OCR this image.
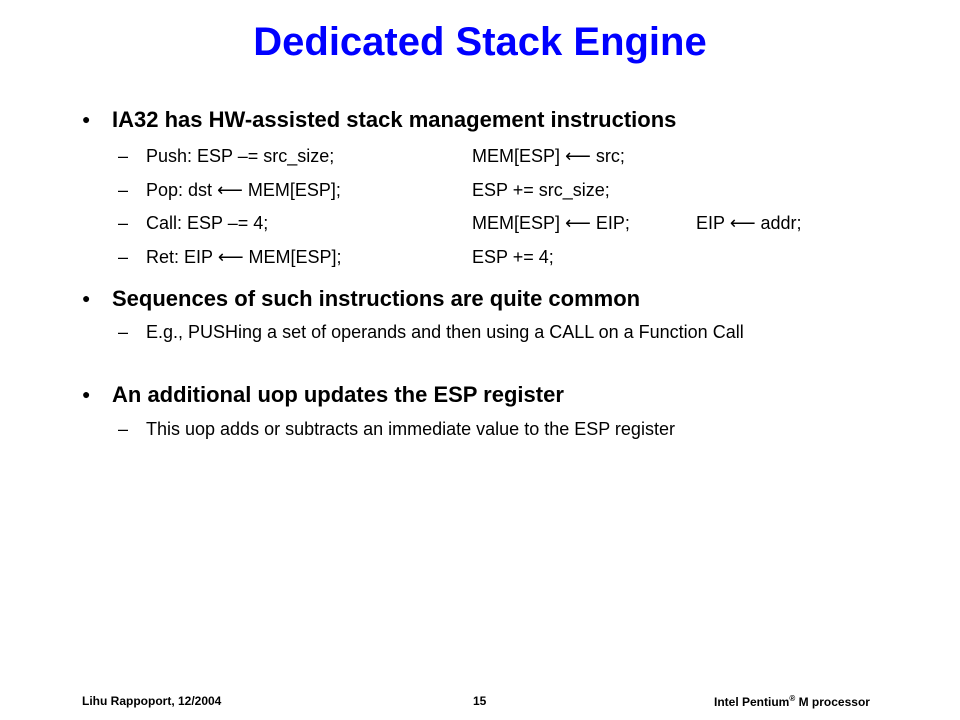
Dedicated Stack Engine
● IA32 has HW-assisted stack management instructions
– Push: ESP –= src_size;	MEM[ESP] ⟵ src;
– Pop: dst ⟵ MEM[ESP];	ESP += src_size;
– Call: ESP –= 4;	MEM[ESP] ⟵ EIP;	EIP ⟵ addr;
– Ret: EIP ⟵ MEM[ESP];	ESP += 4;
● Sequences of such instructions are quite common
– E.g., PUSHing a set of operands and then using a CALL on a Function Call
● An additional uop updates the ESP register
– This uop adds or subtracts an immediate value to the ESP register
Lihu Rappoport, 12/2004	15	Intel Pentium® M processor
